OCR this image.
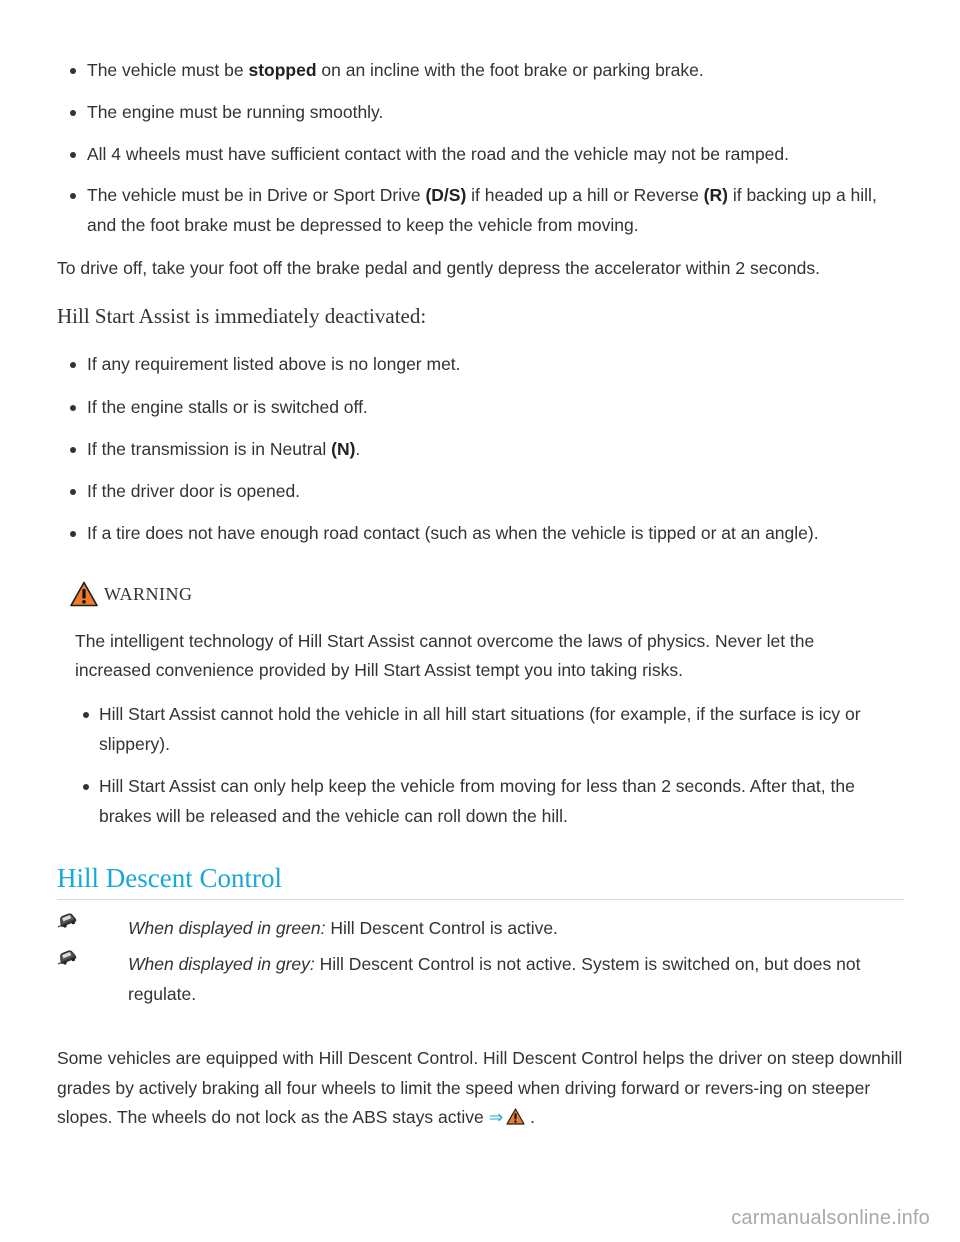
The vehicle must be stopped on an incline with the foot brake or parking brake.
The engine must be running smoothly.
All 4 wheels must have sufficient contact with the road and the vehicle may not be ramped.
The vehicle must be in Drive or Sport Drive (D/S) if headed up a hill or Reverse (R) if backing up a hill, and the foot brake must be depressed to keep the vehicle from moving.

To drive off, take your foot off the brake pedal and gently depress the accelerator within 2 seconds.

Hill Start Assist is immediately deactivated:
If any requirement listed above is no longer met.
If the engine stalls or is switched off.
If the transmission is in Neutral (N).
If the driver door is opened.
If a tire does not have enough road contact (such as when the vehicle is tipped or at an angle).
WARNING

The intelligent technology of Hill Start Assist cannot overcome the laws of physics. Never let the increased convenience provided by Hill Start Assist tempt you into taking risks.

Hill Start Assist cannot hold the vehicle in all hill start situations (for example, if the surface is icy or slippery).
Hill Start Assist can only help keep the vehicle from moving for less than 2 seconds. After that, the brakes will be released and the vehicle can roll down the hill.
Hill Descent Control
When displayed in green: Hill Descent Control is active.
When displayed in grey: Hill Descent Control is not active. System is switched on, but does not regulate.

Some vehicles are equipped with Hill Descent Control. Hill Descent Control helps the driver on steep downhill grades by actively braking all four wheels to limit the speed when driving forward or revers-ing on steeper slopes. The wheels do not lock as the ABS stays active ⇒ .

carmanualsonline.info
